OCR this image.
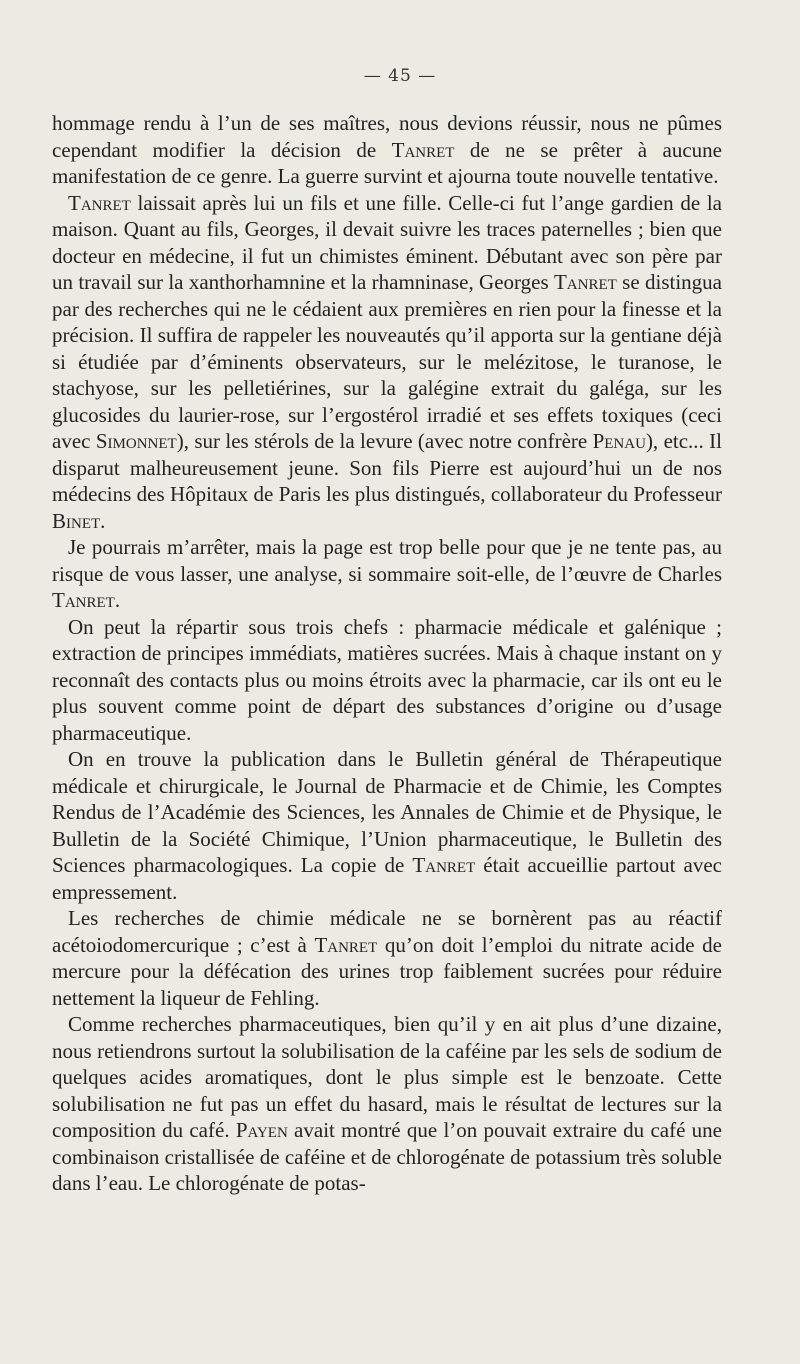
— 45 —

hommage rendu à l’un de ses maîtres, nous devions réussir, nous ne pûmes cependant modifier la décision de Tanret de ne se prêter à aucune manifestation de ce genre. La guerre survint et ajourna toute nouvelle tentative.

Tanret laissait après lui un fils et une fille. Celle-ci fut l’ange gardien de la maison. Quant au fils, Georges, il devait suivre les traces paternelles ; bien que docteur en médecine, il fut un chimistes éminent. Débutant avec son père par un travail sur la xanthorhamnine et la rhamninase, Georges Tanret se distingua par des recherches qui ne le cédaient aux premières en rien pour la finesse et la précision. Il suffira de rappeler les nouveautés qu’il apporta sur la gentiane déjà si étudiée par d’éminents observateurs, sur le melézitose, le turanose, le stachyose, sur les pelletiérines, sur la galégine extrait du galéga, sur les glucosides du laurier-rose, sur l’ergostérol irradié et ses effets toxiques (ceci avec Simonnet), sur les stérols de la levure (avec notre confrère Penau), etc... Il disparut malheureusement jeune. Son fils Pierre est aujourd’hui un de nos médecins des Hôpitaux de Paris les plus distingués, collaborateur du Professeur Binet.

Je pourrais m’arrêter, mais la page est trop belle pour que je ne tente pas, au risque de vous lasser, une analyse, si sommaire soit-elle, de l’œuvre de Charles Tanret.

On peut la répartir sous trois chefs : pharmacie médicale et galénique ; extraction de principes immédiats, matières sucrées. Mais à chaque instant on y reconnaît des contacts plus ou moins étroits avec la pharmacie, car ils ont eu le plus souvent comme point de départ des substances d’origine ou d’usage pharmaceutique.

On en trouve la publication dans le Bulletin général de Thérapeutique médicale et chirurgicale, le Journal de Pharmacie et de Chimie, les Comptes Rendus de l’Académie des Sciences, les Annales de Chimie et de Physique, le Bulletin de la Société Chimique, l’Union pharmaceutique, le Bulletin des Sciences pharmacologiques. La copie de Tanret était accueillie partout avec empressement.

Les recherches de chimie médicale ne se bornèrent pas au réactif acétoiodomercurique ; c’est à Tanret qu’on doit l’emploi du nitrate acide de mercure pour la défécation des urines trop faiblement sucrées pour réduire nettement la liqueur de Fehling.

Comme recherches pharmaceutiques, bien qu’il y en ait plus d’une dizaine, nous retiendrons surtout la solubilisation de la caféine par les sels de sodium de quelques acides aromatiques, dont le plus simple est le benzoate. Cette solubilisation ne fut pas un effet du hasard, mais le résultat de lectures sur la composition du café. Payen avait montré que l’on pouvait extraire du café une combinaison cristallisée de caféine et de chlorogénate de potassium très soluble dans l’eau. Le chlorogénate de potas-
